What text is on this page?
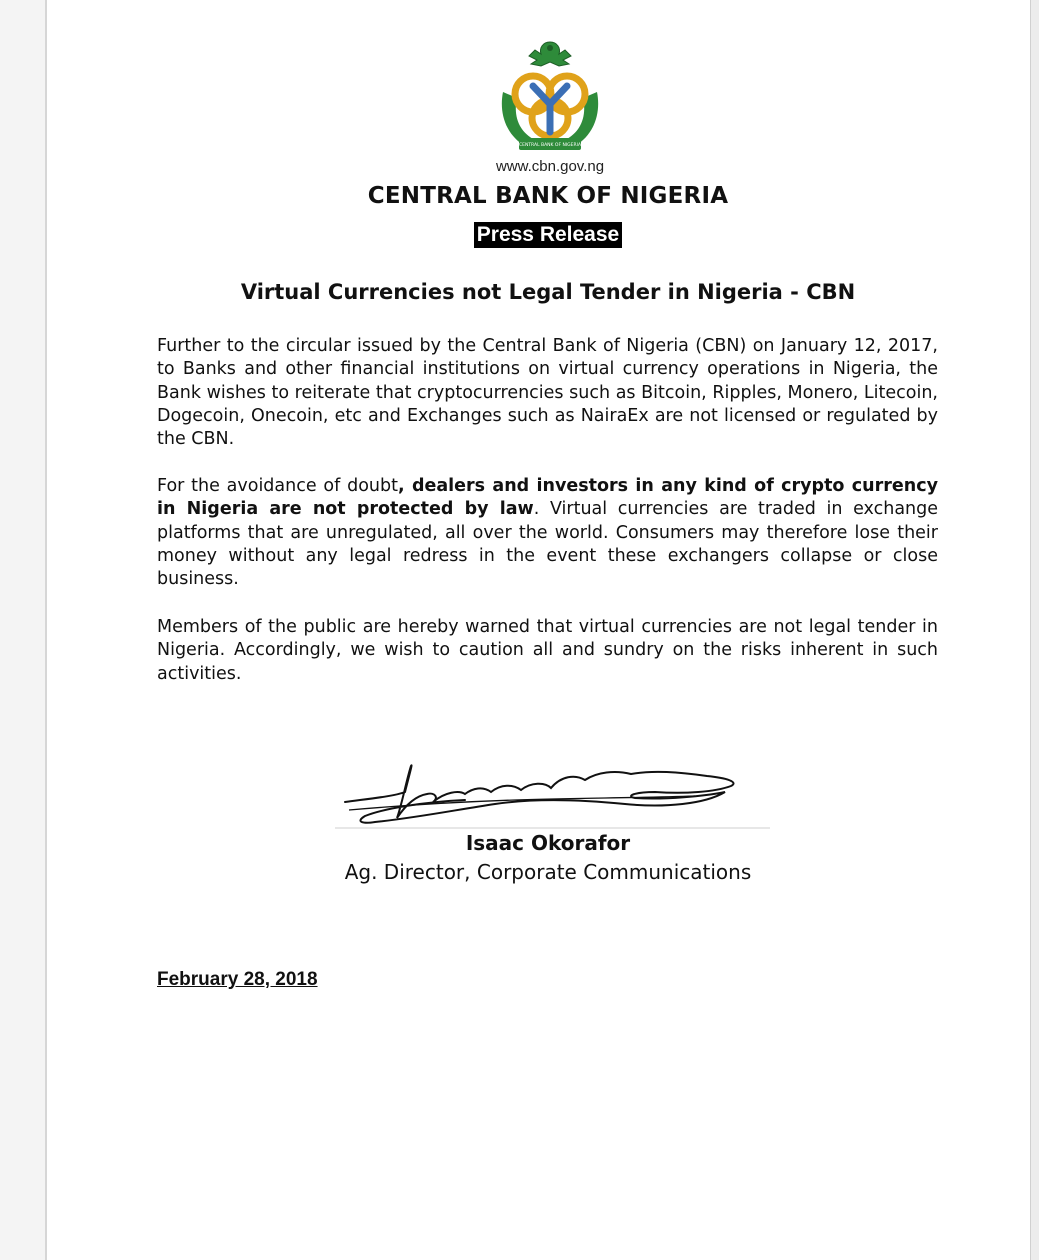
CENTRAL BANK OF NIGERIA
www.cbn.gov.ng
CENTRAL BANK OF NIGERIA
Press Release
Virtual Currencies not Legal Tender in Nigeria - CBN

Further to the circular issued by the Central Bank of Nigeria (CBN) on January 12, 2017, to Banks and other financial institutions on virtual currency operations in Nigeria, the Bank wishes to reiterate that cryptocurrencies such as Bitcoin, Ripples, Monero, Litecoin, Dogecoin, Onecoin, etc and Exchanges such as NairaEx are not licensed or regulated by the CBN.

For the avoidance of doubt, dealers and investors in any kind of crypto currency in Nigeria are not protected by law. Virtual currencies are traded in exchange platforms that are unregulated, all over the world. Consumers may therefore lose their money without any legal redress in the event these exchangers collapse or close business.

Members of the public are hereby warned that virtual currencies are not legal tender in Nigeria. Accordingly, we wish to caution all and sundry on the risks inherent in such activities.

Isaac Okorafor
Ag. Director, Corporate Communications
February 28, 2018
